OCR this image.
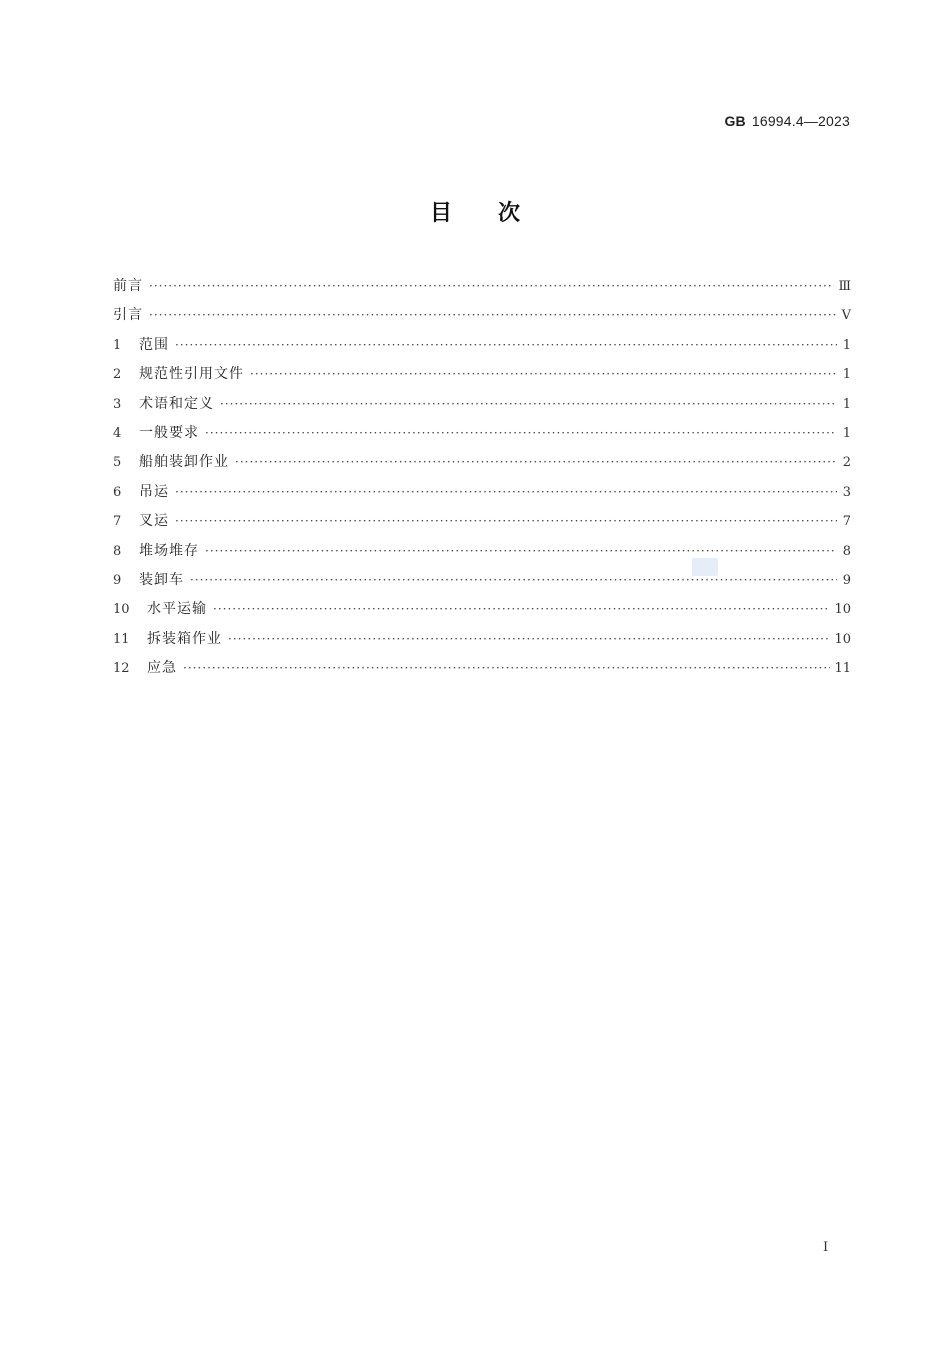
GB 16994.4—2023
目次
前言 ·····	Ⅲ
引言 ·····	Ⅴ
1	范围 ·····	1
2	规范性引用文件 ·····	1
3	术语和定义 ·····	1
4	一般要求 ·····	1
5	船舶装卸作业 ·····	2
6	吊运 ·····	3
7	叉运 ·····	7
8	堆场堆存 ·····	8
9	装卸车 ·····	9
10	水平运输 ·····	10
11	拆装箱作业 ·····	10
12	应急 ·····	11
Ⅰ
